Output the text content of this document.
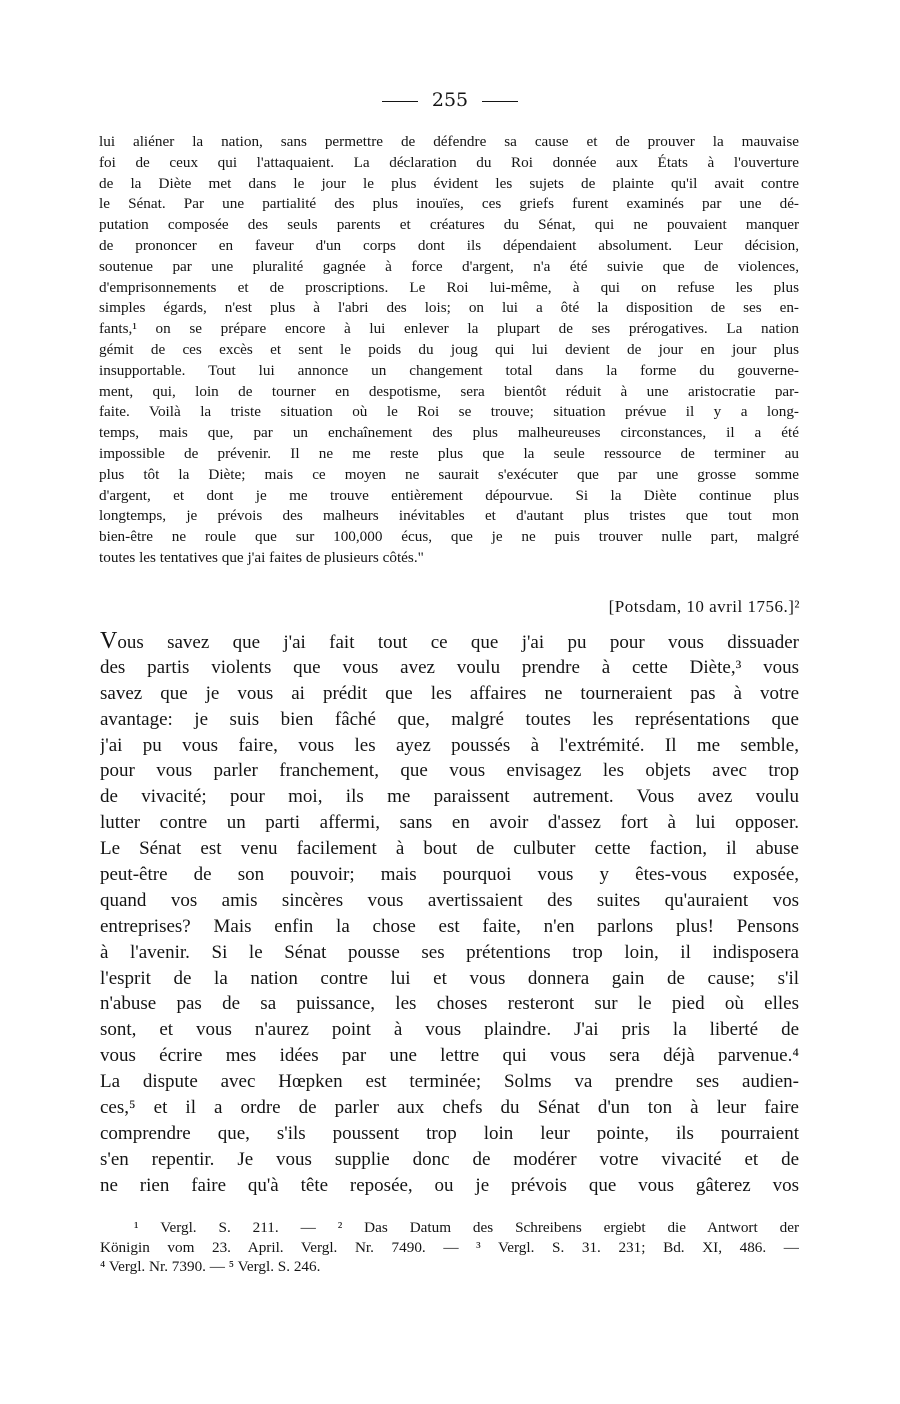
255
lui aliéner la nation, sans permettre de défendre sa cause et de prouver la mauvaise
foi de ceux qui l'attaquaient. La déclaration du Roi donnée aux États à l'ouverture
de la Diète met dans le jour le plus évident les sujets de plainte qu'il avait contre
le Sénat. Par une partialité des plus inouïes, ces griefs furent examinés par une dé-
putation composée des seuls parents et créatures du Sénat, qui ne pouvaient manquer
de prononcer en faveur d'un corps dont ils dépendaient absolument. Leur décision,
soutenue par une pluralité gagnée à force d'argent, n'a été suivie que de violences,
d'emprisonnements et de proscriptions. Le Roi lui-même, à qui on refuse les plus
simples égards, n'est plus à l'abri des lois; on lui a ôté la disposition de ses en-
fants,¹ on se prépare encore à lui enlever la plupart de ses prérogatives. La nation
gémit de ces excès et sent le poids du joug qui lui devient de jour en jour plus
insupportable. Tout lui annonce un changement total dans la forme du gouverne-
ment, qui, loin de tourner en despotisme, sera bientôt réduit à une aristocratie par-
faite. Voilà la triste situation où le Roi se trouve; situation prévue il y a long-
temps, mais que, par un enchaînement des plus malheureuses circonstances, il a été
impossible de prévenir. Il ne me reste plus que la seule ressource de terminer au
plus tôt la Diète; mais ce moyen ne saurait s'exécuter que par une grosse somme
d'argent, et dont je me trouve entièrement dépourvue. Si la Diète continue plus
longtemps, je prévois des malheurs inévitables et d'autant plus tristes que tout mon
bien-être ne roule que sur 100,000 écus, que je ne puis trouver nulle part, malgré
toutes les tentatives que j'ai faites de plusieurs côtés."
[Potsdam, 10 avril 1756.]²
Vous savez que j'ai fait tout ce que j'ai pu pour vous dissuader
des partis violents que vous avez voulu prendre à cette Diète,³ vous
savez que je vous ai prédit que les affaires ne tourneraient pas à votre
avantage: je suis bien fâché que, malgré toutes les représentations que
j'ai pu vous faire, vous les ayez poussés à l'extrémité. Il me semble,
pour vous parler franchement, que vous envisagez les objets avec trop
de vivacité; pour moi, ils me paraissent autrement. Vous avez voulu
lutter contre un parti affermi, sans en avoir d'assez fort à lui opposer.
Le Sénat est venu facilement à bout de culbuter cette faction, il abuse
peut-être de son pouvoir; mais pourquoi vous y êtes-vous exposée,
quand vos amis sincères vous avertissaient des suites qu'auraient vos
entreprises? Mais enfin la chose est faite, n'en parlons plus! Pensons
à l'avenir. Si le Sénat pousse ses prétentions trop loin, il indisposera
l'esprit de la nation contre lui et vous donnera gain de cause; s'il
n'abuse pas de sa puissance, les choses resteront sur le pied où elles
sont, et vous n'aurez point à vous plaindre. J'ai pris la liberté de
vous écrire mes idées par une lettre qui vous sera déjà parvenue.⁴
La dispute avec Hœpken est terminée; Solms va prendre ses audien-
ces,⁵ et il a ordre de parler aux chefs du Sénat d'un ton à leur faire
comprendre que, s'ils poussent trop loin leur pointe, ils pourraient
s'en repentir. Je vous supplie donc de modérer votre vivacité et de
ne rien faire qu'à tête reposée, ou je prévois que vous gâterez vos
¹ Vergl. S. 211. — ² Das Datum des Schreibens ergiebt die Antwort der
Königin vom 23. April. Vergl. Nr. 7490. — ³ Vergl. S. 31. 231; Bd. XI, 486. —
⁴ Vergl. Nr. 7390. — ⁵ Vergl. S. 246.
